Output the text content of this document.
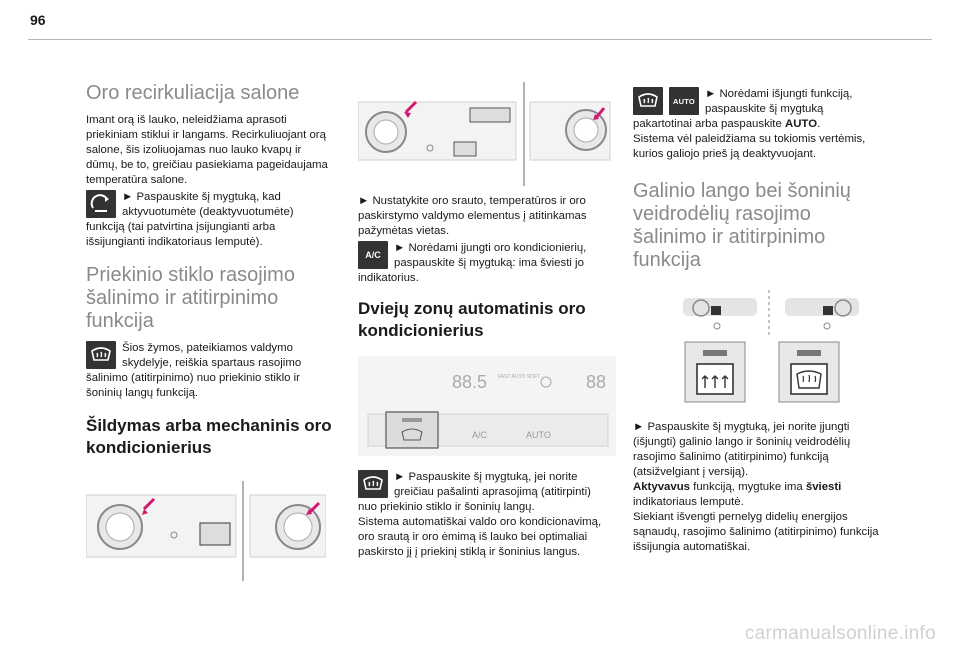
96
Oro recirkuliacija salone

Imant orą iš lauko, neleidžiama aprasoti priekiniam stiklui ir langams. Recirkuliuojant orą salone, šis izoliuojamas nuo lauko kvapų ir dūmų, be to, greičiau pasiekiama pageidaujama temperatūra salone.

► Paspauskite šį mygtuką, kad aktyvuotumėte (deaktyvuotumėte) funkciją (tai patvirtina įsijungianti arba išsijungianti indikatoriaus lemputė).

Priekinio stiklo rasojimo šalinimo ir atitirpinimo funkcija

Šios žymos, pateikiamos valdymo skydelyje, reiškia spartaus rasojimo šalinimo (atitirpinimo) nuo priekinio stiklo ir šoninių langų funkciją.

Šildymas arba mechaninis oro kondicionierius

► Nustatykite oro srauto, temperatūros ir oro paskirstymo valdymo elementus į atitinkamas pažymėtas vietas.

A/C

► Norėdami įjungti oro kondicionierių, paspauskite šį mygtuką: ima šviesti jo indikatorius.

Dviejų zonų automatinis oro kondicionierius
88.5 FAST AUTO SOFT	88
A/C	AUTO

► Paspauskite šį mygtuką, jei norite greičiau pašalinti aprasojimą (atitirpinti) nuo priekinio stiklo ir šoninių langų.

Sistema automatiškai valdo oro kondicionavimą, oro srautą ir oro ėmimą iš lauko bei optimaliai paskirsto jį į priekinį stiklą ir šoninius langus.

AUTO

► Norėdami išjungti funkciją, paspauskite šį mygtuką pakartotinai arba paspauskite AUTO.

Sistema vėl paleidžiama su tokiomis vertėmis, kurios galiojo prieš ją deaktyvuojant.

Galinio lango bei šoninių veidrodėlių rasojimo šalinimo ir atitirpinimo funkcija

► Paspauskite šį mygtuką, jei norite įjungti (išjungti) galinio lango ir šoninių veidrodėlių rasojimo šalinimo (atitirpinimo) funkciją (atsižvelgiant į versiją).

Aktyvavus funkciją, mygtuke ima šviesti indikatoriaus lemputė.

Siekiant išvengti pernelyg didelių energijos sąnaudų, rasojimo šalinimo (atitirpinimo) funkcija išsijungia automatiškai.

carmanualsonline.info
